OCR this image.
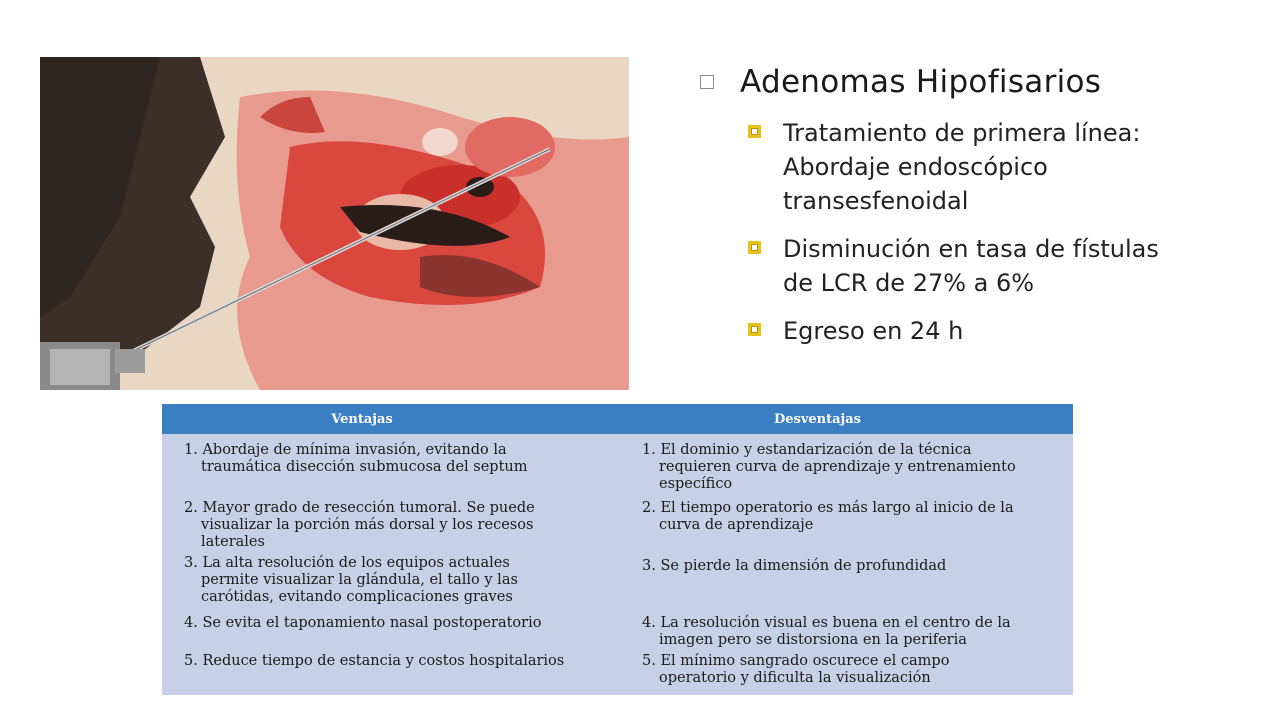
Adenomas Hipofisarios
Tratamiento de primera línea:
Abordaje endoscópico
transesfenoidal
Disminución en tasa de fístulas
de LCR de 27% a 6%
Egreso en 24 h
Ventajas	Desventajas
1. Abordaje de mínima invasión, evitando la
traumática disección submucosa del septum
2. Mayor grado de resección tumoral. Se puede
visualizar la porción más dorsal y los recesos
laterales
3. La alta resolución de los equipos actuales
permite visualizar la glándula, el tallo y las
carótidas, evitando complicaciones graves
4. Se evita el taponamiento nasal postoperatorio
5. Reduce tiempo de estancia y costos hospitalarios
1. El dominio y estandarización de la técnica
requieren curva de aprendizaje y entrenamiento
específico
2. El tiempo operatorio es más largo al inicio de la
curva de aprendizaje
3. Se pierde la dimensión de profundidad
4. La resolución visual es buena en el centro de la
imagen pero se distorsiona en la periferia
5. El mínimo sangrado oscurece el campo
operatorio y dificulta la visualización
